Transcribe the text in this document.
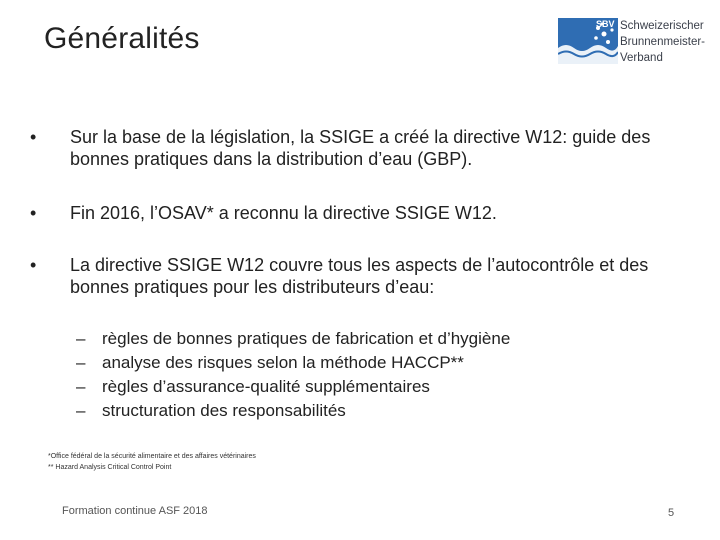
Généralités	SBV Schweizerischer
Brunnenmeister-
Verband
•	Sur la base de la législation, la SSIGE a créé la directive W12: guide des bonnes pratiques dans la distribution d’eau (GBP).
•	Fin 2016, l’OSAV* a reconnu la directive SSIGE W12.
•	La directive SSIGE W12 couvre tous les aspects de l’autocontrôle et des bonnes pratiques pour les distributeurs d’eau:
– règles de bonnes pratiques de fabrication et d’hygiène
– analyse des risques selon la méthode HACCP**
– règles d’assurance-qualité supplémentaires
– structuration des responsabilités
*Office fédéral de la sécurité alimentaire et des affaires vétérinaires
** Hazard Analysis Critical Control Point
Formation continue ASF 2018	5
